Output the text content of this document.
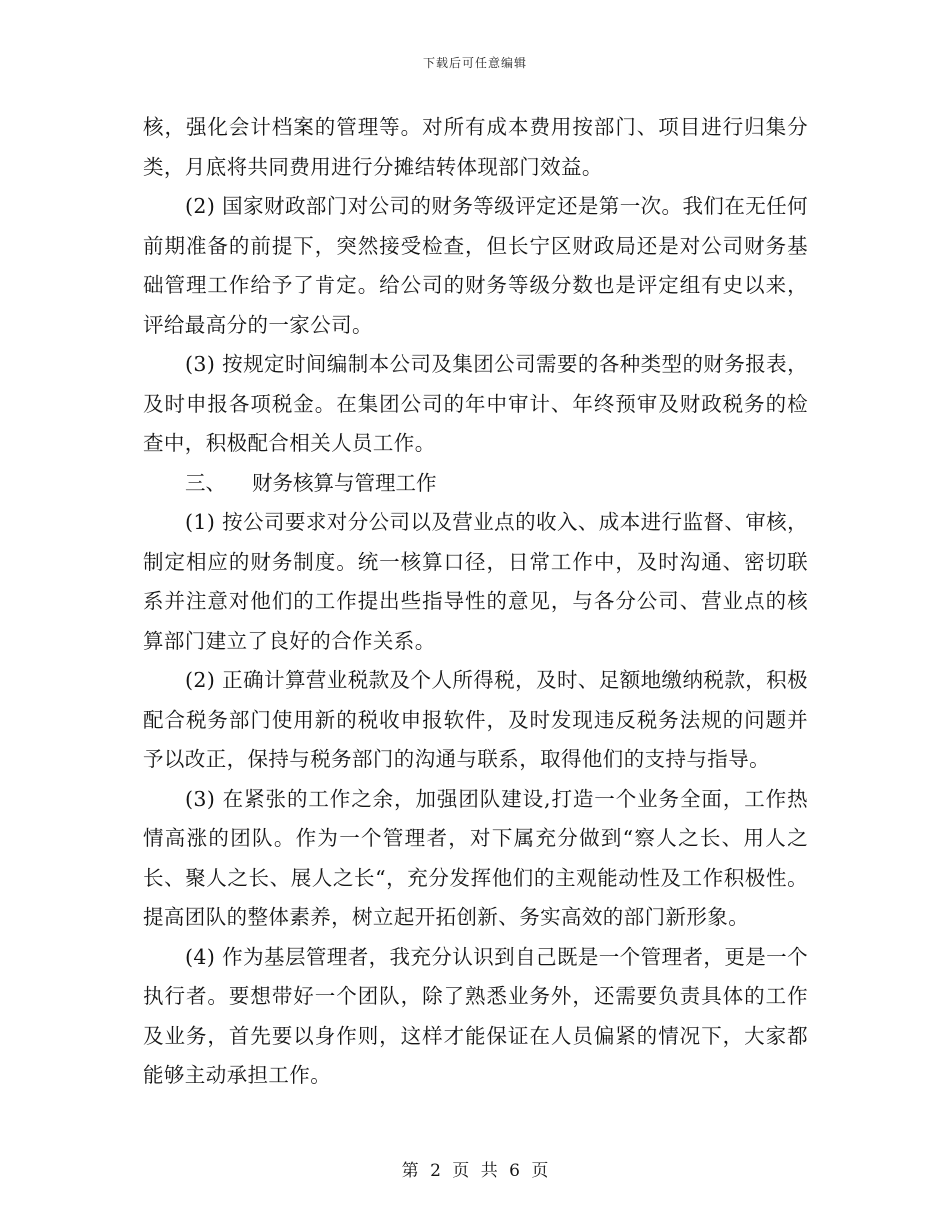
下载后可任意编辑

核，强化会计档案的管理等。对所有成本费用按部门、项目进行归集分类，月底将共同费用进行分摊结转体现部门效益。

(2) 国家财政部门对公司的财务等级评定还是第一次。我们在无任何前期准备的前提下，突然接受检查，但长宁区财政局还是对公司财务基础管理工作给予了肯定。给公司的财务等级分数也是评定组有史以来，评给最高分的一家公司。

(3) 按规定时间编制本公司及集团公司需要的各种类型的财务报表，及时申报各项税金。在集团公司的年中审计、年终预审及财政税务的检查中，积极配合相关人员工作。

三、 财务核算与管理工作

(1) 按公司要求对分公司以及营业点的收入、成本进行监督、审核，制定相应的财务制度。统一核算口径，日常工作中，及时沟通、密切联系并注意对他们的工作提出些指导性的意见，与各分公司、营业点的核算部门建立了良好的合作关系。

(2) 正确计算营业税款及个人所得税，及时、足额地缴纳税款，积极配合税务部门使用新的税收申报软件，及时发现违反税务法规的问题并予以改正，保持与税务部门的沟通与联系，取得他们的支持与指导。

(3) 在紧张的工作之余，加强团队建设,打造一个业务全面，工作热情高涨的团队。作为一个管理者，对下属充分做到“察人之长、用人之长、聚人之长、展人之长“，充分发挥他们的主观能动性及工作积极性。提高团队的整体素养，树立起开拓创新、务实高效的部门新形象。

(4) 作为基层管理者，我充分认识到自己既是一个管理者，更是一个执行者。要想带好一个团队，除了熟悉业务外，还需要负责具体的工作及业务，首先要以身作则，这样才能保证在人员偏紧的情况下，大家都能够主动承担工作。

第 2 页 共 6 页
